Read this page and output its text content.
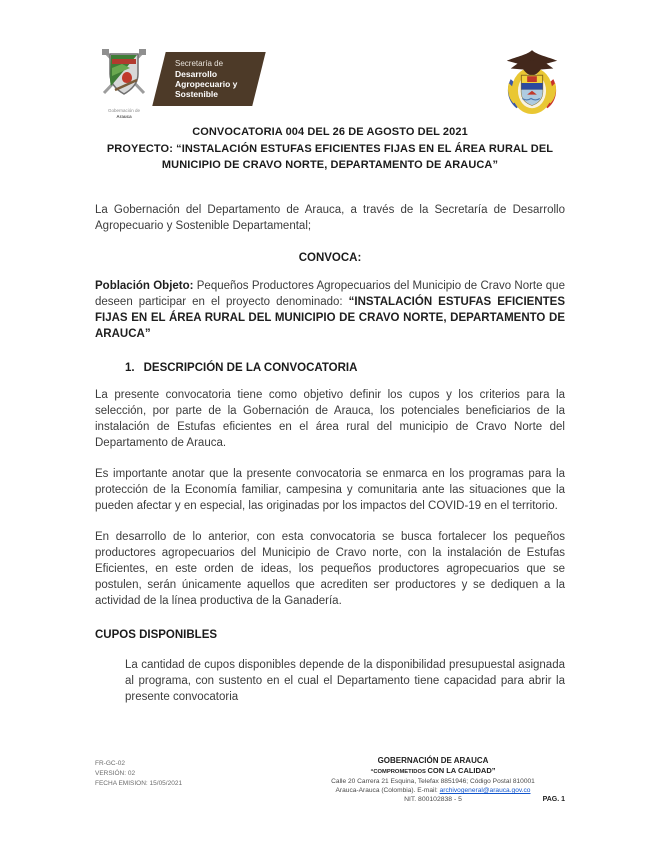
Gobernación de
Arauca
Secretaría de
Desarrollo
Agropecuario y
Sostenible
CONVOCATORIA 004 DEL 26 DE AGOSTO DEL 2021
PROYECTO: “INSTALACIÓN ESTUFAS EFICIENTES FIJAS EN EL ÁREA RURAL DEL
MUNICIPIO DE CRAVO NORTE, DEPARTAMENTO DE ARAUCA”

La Gobernación del Departamento de Arauca, a través de la Secretaría de Desarrollo Agropecuario y Sostenible Departamental;

CONVOCA:

Población Objeto: Pequeños Productores Agropecuarios del Municipio de Cravo Norte que deseen participar en el proyecto denominado: “INSTALACIÓN ESTUFAS EFICIENTES FIJAS EN EL ÁREA RURAL DEL MUNICIPIO DE CRAVO NORTE, DEPARTAMENTO DE ARAUCA”

1. DESCRIPCIÓN DE LA CONVOCATORIA

La presente convocatoria tiene como objetivo definir los cupos y los criterios para la selección, por parte de la Gobernación de Arauca, los potenciales beneficiarios de la instalación de Estufas eficientes en el área rural del municipio de Cravo Norte del Departamento de Arauca.

Es importante anotar que la presente convocatoria se enmarca en los programas para la protección de la Economía familiar, campesina y comunitaria ante las situaciones que la pueden afectar y en especial, las originadas por los impactos del COVID-19 en el territorio.

En desarrollo de lo anterior, con esta convocatoria se busca fortalecer los pequeños productores agropecuarios del Municipio de Cravo norte, con la instalación de Estufas Eficientes, en este orden de ideas, los pequeños productores agropecuarios que se postulen, serán únicamente aquellos que acrediten ser productores y se dediquen a la actividad de la línea productiva de la Ganadería.

CUPOS DISPONIBLES

La cantidad de cupos disponibles depende de la disponibilidad presupuestal asignada al programa, con sustento en el cual el Departamento tiene capacidad para abrir la presente convocatoria

FR-GC-02
VERSIÓN: 02
FECHA EMISION: 15/05/2021
GOBERNACIÓN DE ARAUCA
“COMPROMETIDOS CON LA CALIDAD”
Calle 20 Carrera 21 Esquina, Telefax 8851946; Código Postal 810001
Arauca-Arauca (Colombia). E-mail: archivogeneral@arauca.gov.co
NIT. 800102838 - 5	PAG. 1
